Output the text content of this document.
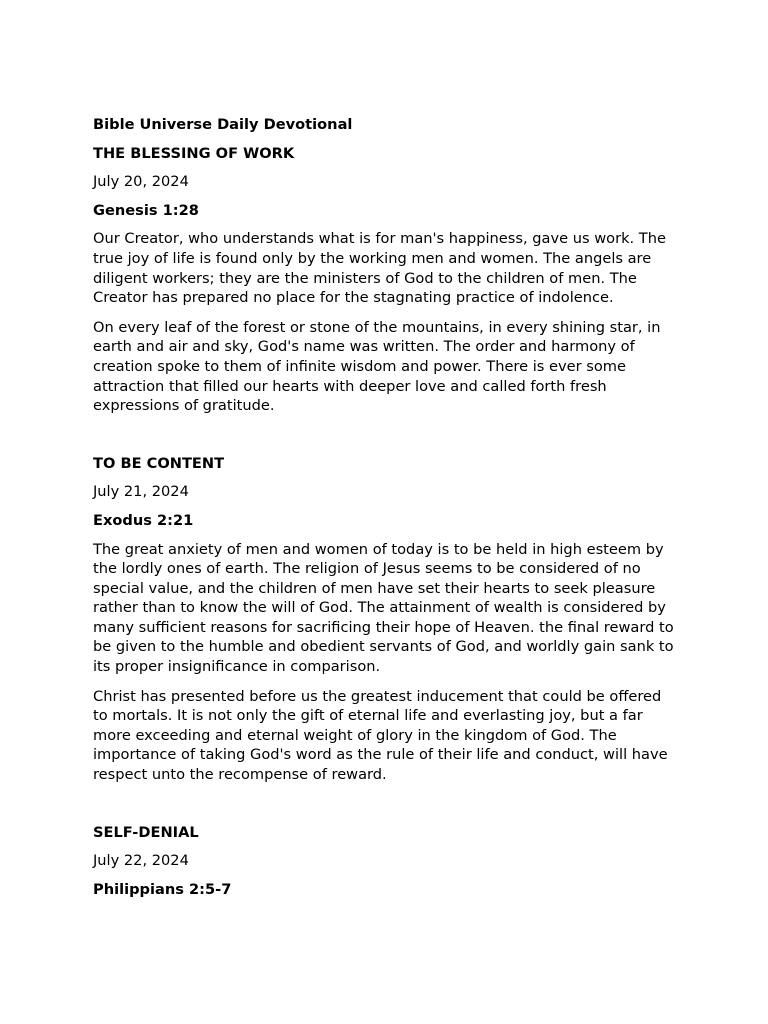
Bible Universe Daily Devotional

THE BLESSING OF WORK

July 20, 2024

Genesis 1:28

Our Creator, who understands what is for man's happiness, gave us work. The true joy of life is found only by the working men and women. The angels are diligent workers; they are the ministers of God to the children of men. The Creator has prepared no place for the stagnating practice of indolence.

On every leaf of the forest or stone of the mountains, in every shining star, in earth and air and sky, God's name was written. The order and harmony of creation spoke to them of infinite wisdom and power. There is ever some attraction that filled our hearts with deeper love and called forth fresh expressions of gratitude.

TO BE CONTENT

July 21, 2024

Exodus 2:21

The great anxiety of men and women of today is to be held in high esteem by the lordly ones of earth. The religion of Jesus seems to be considered of no special value, and the children of men have set their hearts to seek pleasure rather than to know the will of God. The attainment of wealth is considered by many sufficient reasons for sacrificing their hope of Heaven. the final reward to be given to the humble and obedient servants of God, and worldly gain sank to its proper insignificance in comparison.

Christ has presented before us the greatest inducement that could be offered to mortals. It is not only the gift of eternal life and everlasting joy, but a far more exceeding and eternal weight of glory in the kingdom of God. The importance of taking God's word as the rule of their life and conduct, will have respect unto the recompense of reward.

SELF-DENIAL

July 22, 2024

Philippians 2:5-7
